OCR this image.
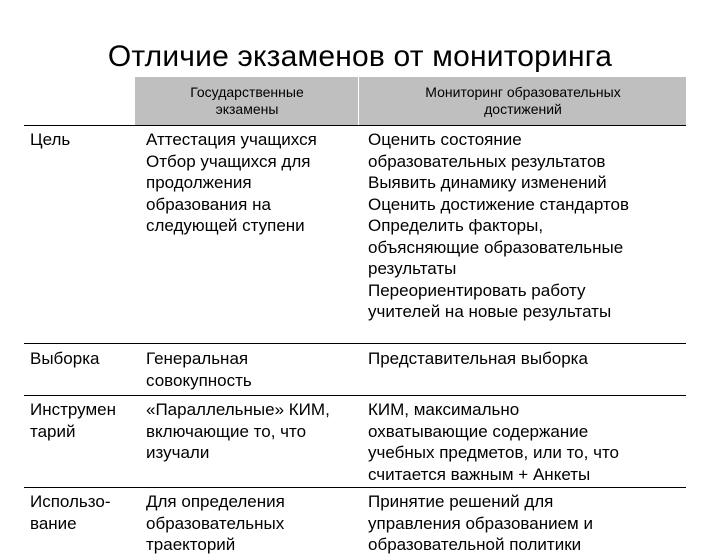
Отличие экзаменов от мониторинга
Государственные
экзамены
Мониторинг образовательных
достижений
Цель	Аттестация учащихся
Отбор учащихся для
продолжения
образования на
следующей ступени
Оценить состояние
образовательных результатов
Выявить динамику изменений
Оценить достижение стандартов
Определить факторы,
объясняющие образовательные
результаты
Переориентировать работу
учителей на новые результаты
Выборка	Генеральная
совокупность
Представительная выборка
Инструмен
тарий
«Параллельные» КИМ,
включающие то, что
изучали
КИМ, максимально
охватывающие содержание
учебных предметов, или то, что
считается важным + Анкеты
Использо-
вание
Для определения
образовательных
траекторий
Принятие решений для
управления образованием и
образовательной политики
